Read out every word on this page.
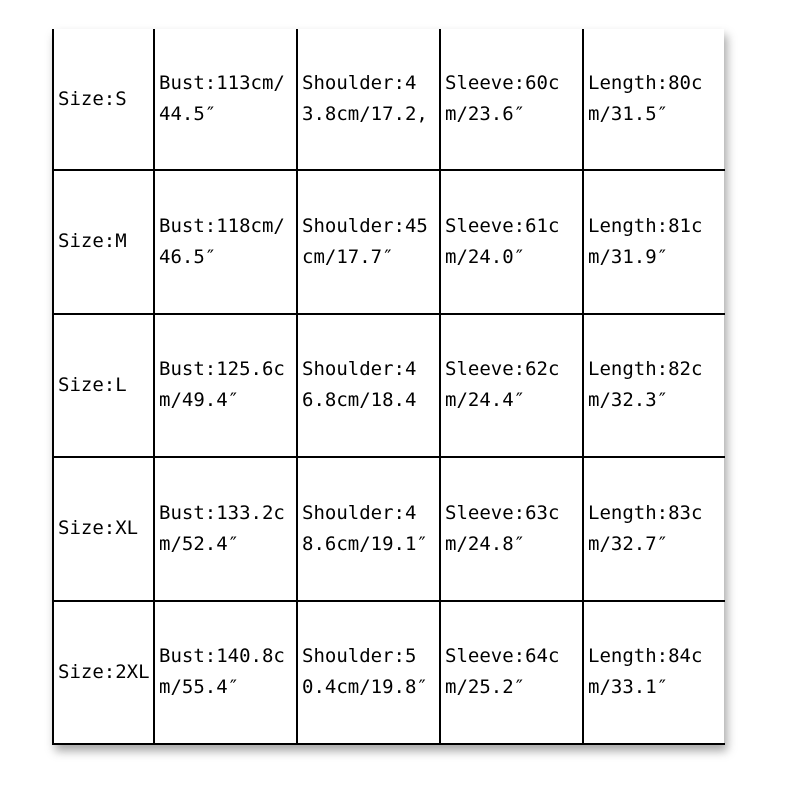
Size:S	Bust:113cm/44.5″	Shoulder:43.8cm/17.2,	Sleeve:60cm/23.6″	Length:80cm/31.5″
Size:M	Bust:118cm/46.5″	Shoulder:45cm/17.7″	Sleeve:61cm/24.0″	Length:81cm/31.9″
Size:L	Bust:125.6cm/49.4″	Shoulder:46.8cm/18.4	Sleeve:62cm/24.4″	Length:82cm/32.3″
Size:XL	Bust:133.2cm/52.4″	Shoulder:48.6cm/19.1″	Sleeve:63cm/24.8″	Length:83cm/32.7″
Size:2XL	Bust:140.8cm/55.4″	Shoulder:50.4cm/19.8″	Sleeve:64cm/25.2″	Length:84cm/33.1″
